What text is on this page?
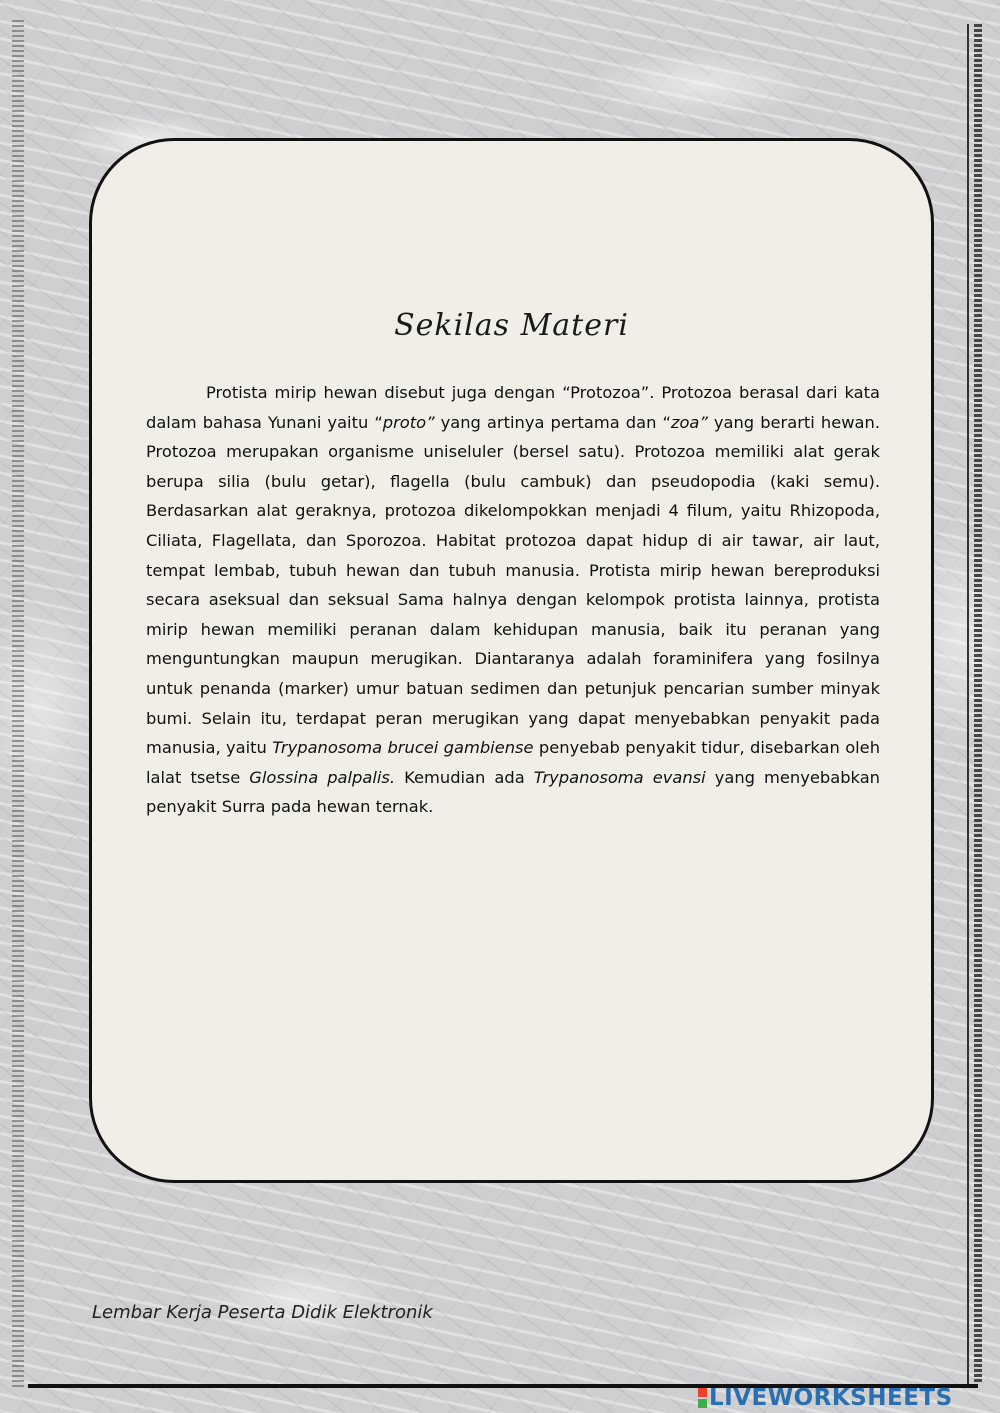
Sekilas Materi

Protista mirip hewan disebut juga dengan “Protozoa”. Protozoa berasal dari kata dalam bahasa Yunani yaitu “proto” yang artinya pertama dan “zoa” yang berarti hewan. Protozoa merupakan organisme uniseluler (bersel satu). Protozoa memiliki alat gerak berupa silia (bulu getar), flagella (bulu cambuk) dan pseudopodia (kaki semu). Berdasarkan alat geraknya, protozoa dikelompokkan menjadi 4 filum, yaitu Rhizopoda, Ciliata, Flagellata, dan Sporozoa. Habitat protozoa dapat hidup di air tawar, air laut, tempat lembab, tubuh hewan dan tubuh manusia. Protista mirip hewan bereproduksi secara aseksual dan seksual Sama halnya dengan kelompok protista lainnya, protista mirip hewan memiliki peranan dalam kehidupan manusia, baik itu peranan yang menguntungkan maupun merugikan. Diantaranya adalah foraminifera yang fosilnya untuk penanda (marker) umur batuan sedimen dan petunjuk pencarian sumber minyak bumi. Selain itu, terdapat peran merugikan yang dapat menyebabkan penyakit pada manusia, yaitu Trypanosoma brucei gambiense penyebab penyakit tidur, disebarkan oleh lalat tsetse Glossina palpalis. Kemudian ada Trypanosoma evansi yang menyebabkan penyakit Surra pada hewan ternak.

Lembar Kerja Peserta Didik Elektronik

LIVEWORKSHEETS
